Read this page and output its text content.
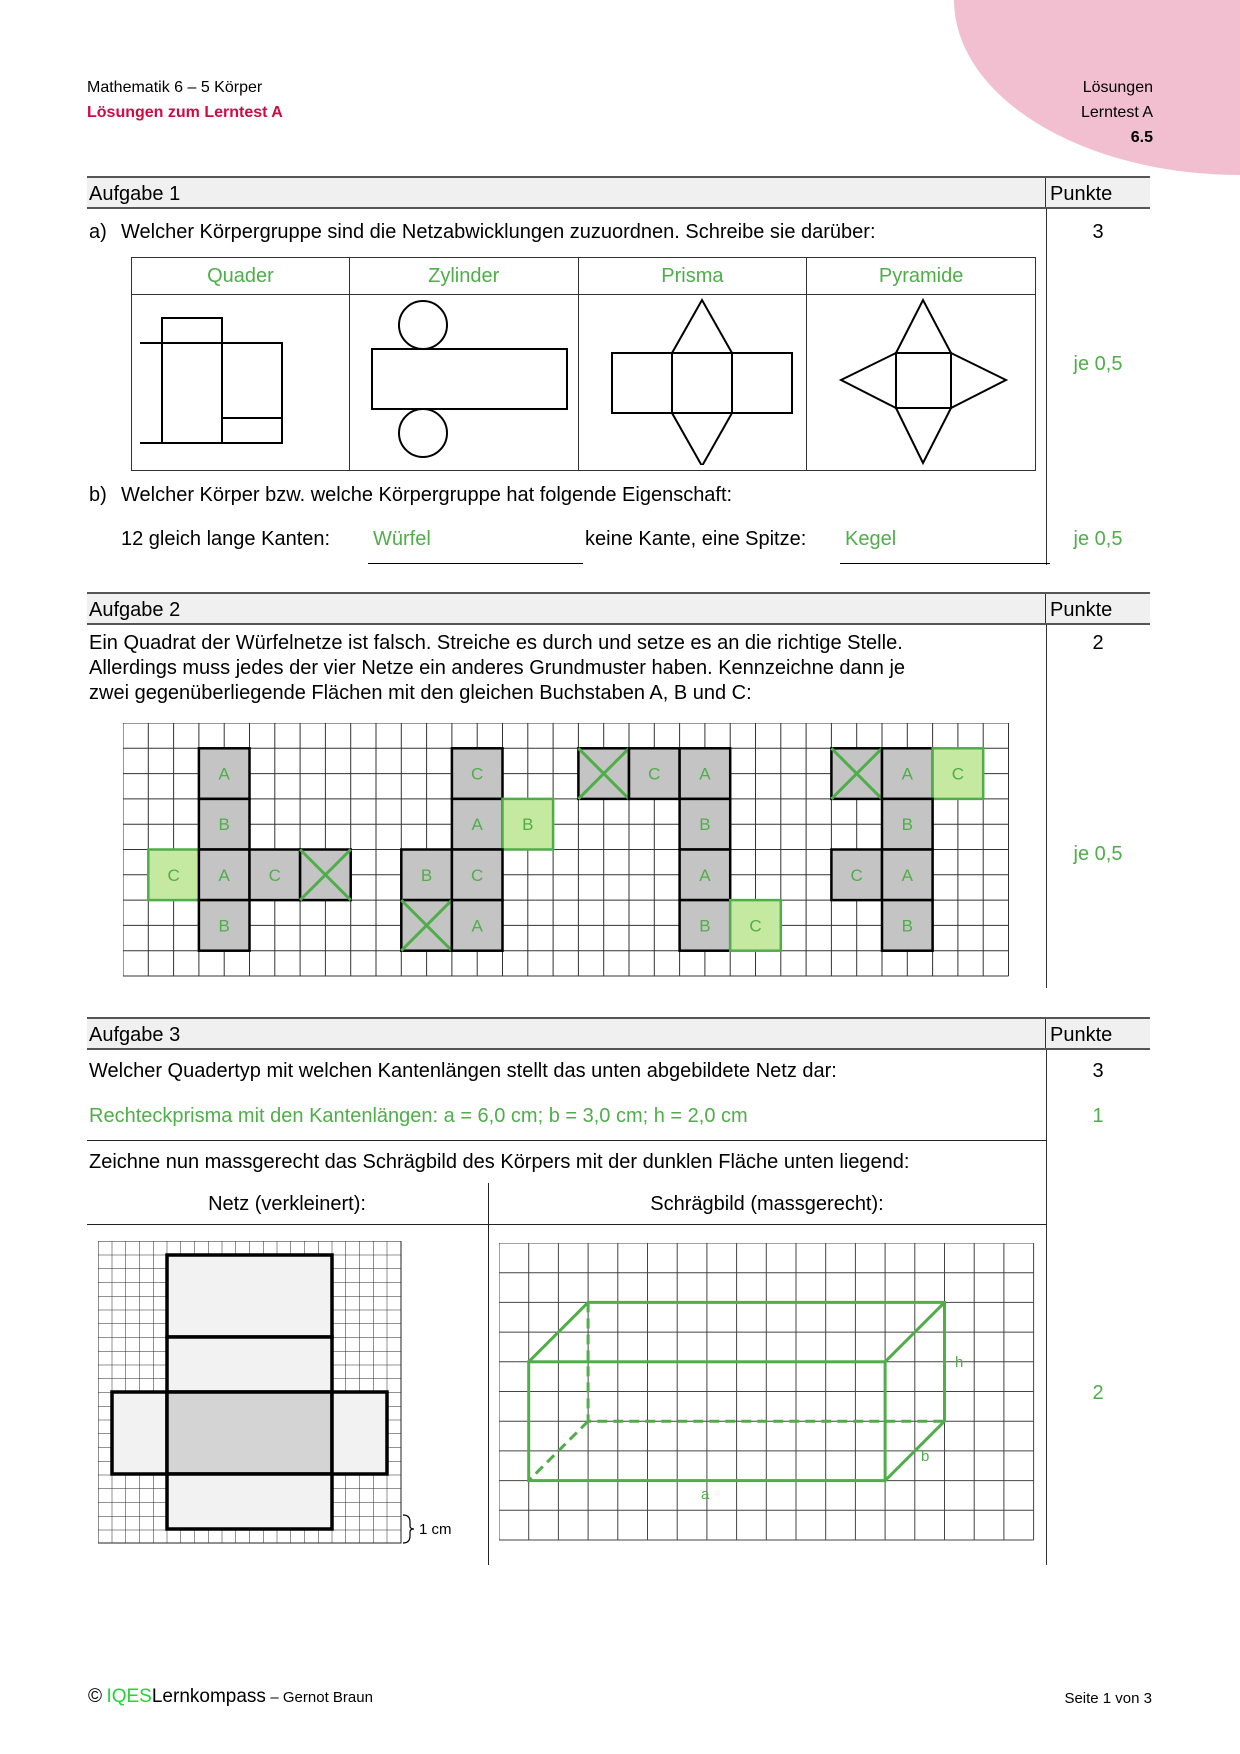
Mathematik 6 – 5 Körper
Lösungen zum Lerntest A
Lösungen
Lerntest A
6.5
Aufgabe 1	Punkte
a) Welcher Körpergruppe sind die Netzabwicklungen zuzuordnen. Schreibe sie darüber:	3
je 0,5
Quader	Zylinder	Prisma	Pyramide

b) Welcher Körper bzw. welche Körpergruppe hat folgende Eigenschaft:
12 gleich lange Kanten: Würfel	keine Kante, eine Spitze: Kegel	je 0,5
Aufgabe 2	Punkte
Ein Quadrat der Würfelnetze ist falsch. Streiche es durch und setze es an die richtige Stelle.
Allerdings muss jedes der vier Netze ein anderes Grundmuster haben. Kennzeichne dann je
zwei gegenüberliegende Flächen mit den gleichen Buchstaben A, B und C:
2
je 0,5
A
B
C A C
B
C
A B
B C
A
C A
B
A
B C
A C
B
C A
B
Aufgabe 3	Punkte
Welcher Quadertyp mit welchen Kantenlängen stellt das unten abgebildete Netz dar:	3
Rechteckprisma mit den Kantenlängen: a = 6,0 cm; b = 3,0 cm; h = 2,0 cm	1
Zeichne nun massgerecht das Schrägbild des Körpers mit der dunklen Fläche unten liegend:
Netz (verkleinert):	Schrägbild (massgerecht):
2
1 cm
a
b
h
© IQESLernkompass – Gernot Braun	Seite 1 von 3
